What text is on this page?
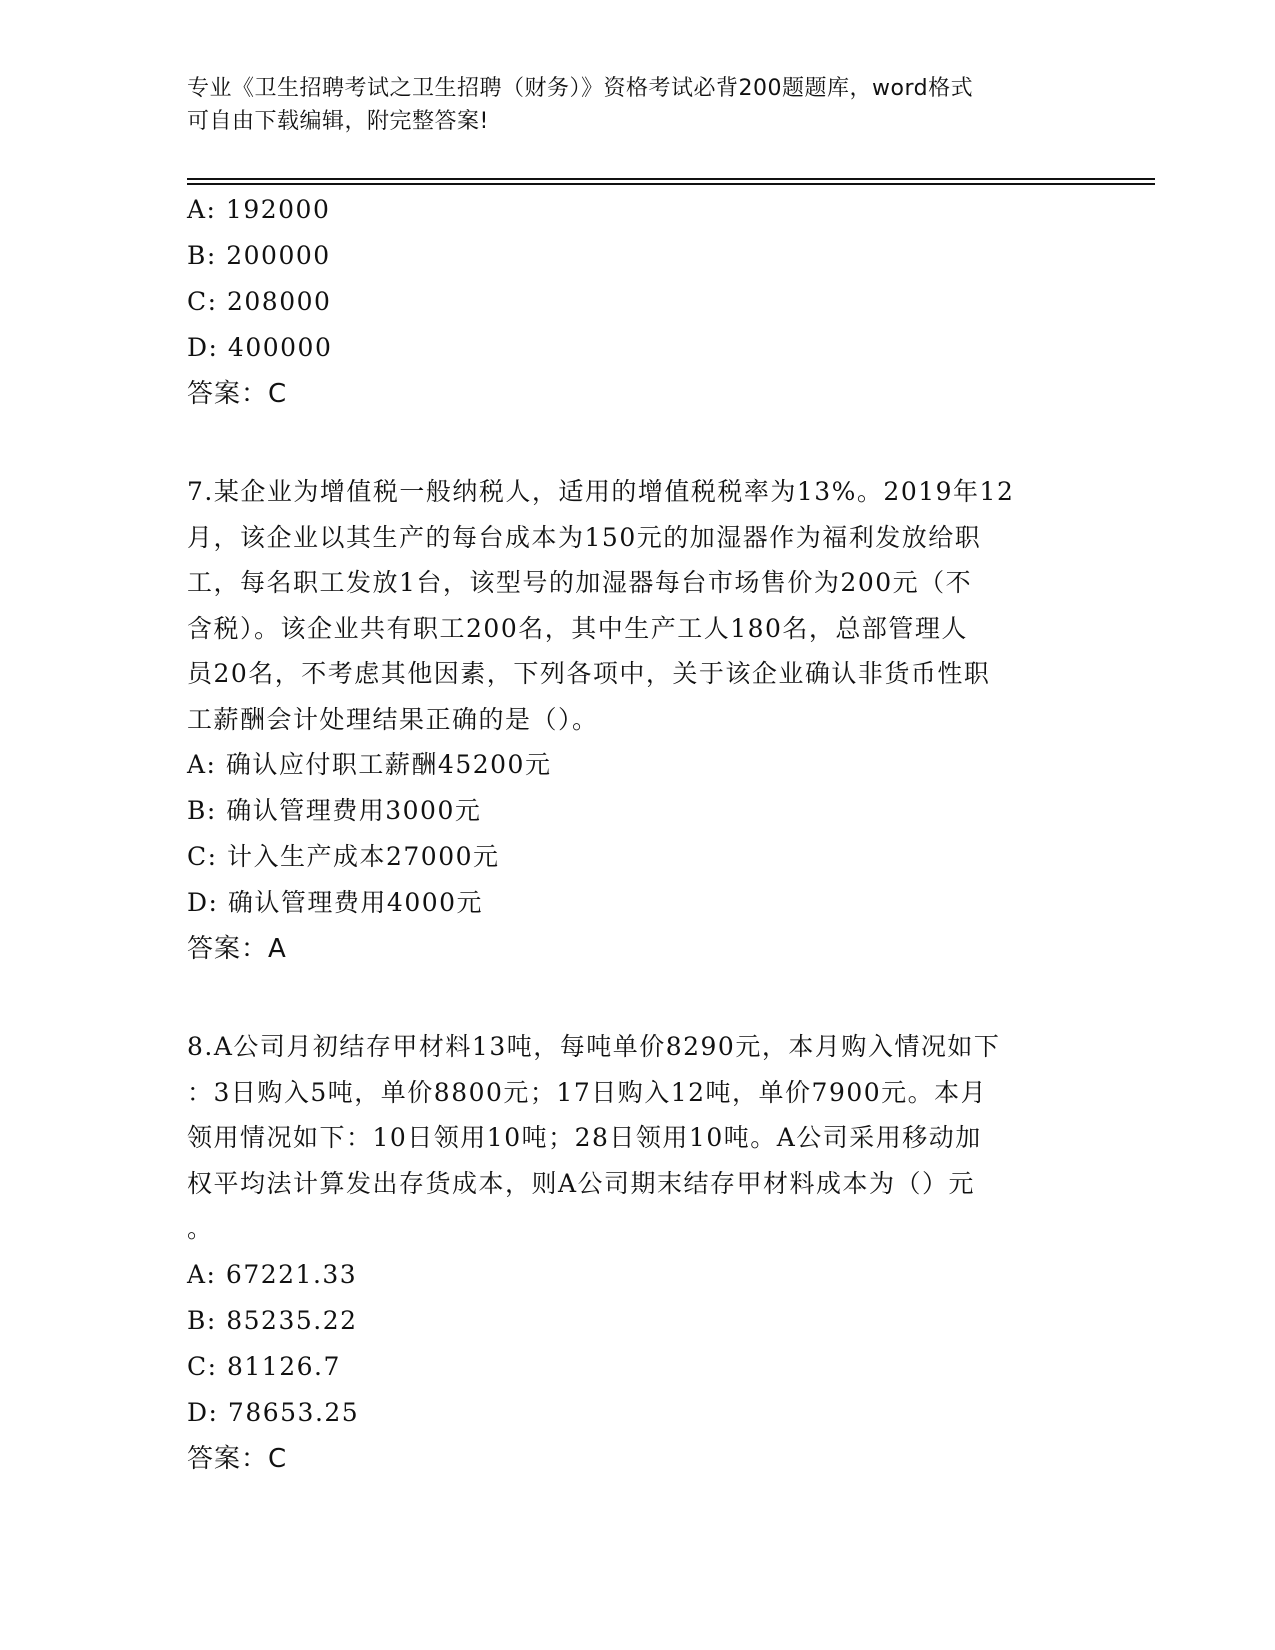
专业《卫生招聘考试之卫生招聘（财务）》资格考试必背200题题库，word格式
可自由下载编辑，附完整答案!
A: 192000
B: 200000
C: 208000
D: 400000
答案：C
7.某企业为增值税一般纳税人，适用的增值税税率为13%。2019年12
月，该企业以其生产的每台成本为150元的加湿器作为福利发放给职
工，每名职工发放1台，该型号的加湿器每台市场售价为200元（不
含税）。该企业共有职工200名，其中生产工人180名，总部管理人
员20名，不考虑其他因素，下列各项中，关于该企业确认非货币性职
工薪酬会计处理结果正确的是（）。
A: 确认应付职工薪酬45200元
B: 确认管理费用3000元
C: 计入生产成本27000元
D: 确认管理费用4000元
答案：A
8.A公司月初结存甲材料13吨，每吨单价8290元，本月购入情况如下
：3日购入5吨，单价8800元；17日购入12吨，单价7900元。本月
领用情况如下：10日领用10吨；28日领用10吨。A公司采用移动加
权平均法计算发出存货成本，则A公司期末结存甲材料成本为（）元
。
A: 67221.33
B: 85235.22
C: 81126.7
D: 78653.25
答案：C
